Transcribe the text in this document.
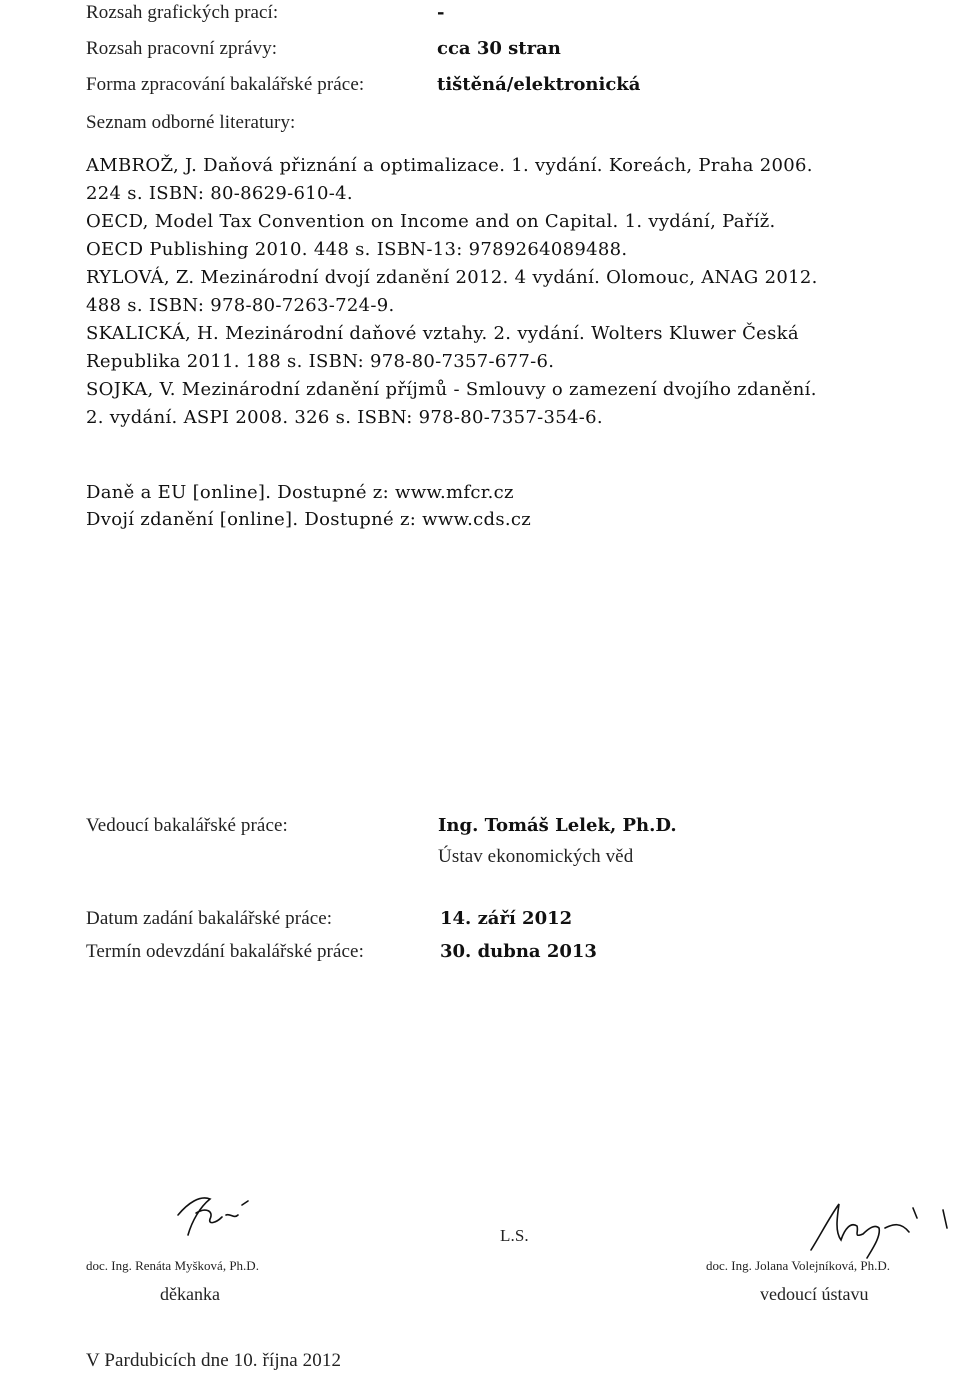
Rozsah grafických prací:	-
Rozsah pracovní zprávy:	cca 30 stran
Forma zpracování bakalářské práce:	tištěná/elektronická
Seznam odborné literatury:
AMBROŽ, J. Daňová přiznání a optimalizace. 1. vydání. Koreách, Praha 2006.
224 s. ISBN: 80-8629-610-4.
OECD, Model Tax Convention on Income and on Capital. 1. vydání, Paříž.
OECD Publishing 2010. 448 s. ISBN-13: 9789264089488.
RYLOVÁ, Z. Mezinárodní dvojí zdanění 2012. 4 vydání. Olomouc, ANAG 2012.
488 s. ISBN: 978-80-7263-724-9.
SKALICKÁ, H. Mezinárodní daňové vztahy. 2. vydání. Wolters Kluwer Česká
Republika 2011. 188 s. ISBN: 978-80-7357-677-6.
SOJKA, V. Mezinárodní zdanění příjmů - Smlouvy o zamezení dvojího zdanění.
2. vydání. ASPI 2008. 326 s. ISBN: 978-80-7357-354-6.
Daně a EU [online]. Dostupné z: www.mfcr.cz
Dvojí zdanění [online]. Dostupné z: www.cds.cz
Vedoucí bakalářské práce:	Ing. Tomáš Lelek, Ph.D.
Ústav ekonomických věd
Datum zadání bakalářské práce:	14. září 2012
Termín odevzdání bakalářské práce:	30. dubna 2013
doc. Ing. Renáta Myšková, Ph.D.
děkanka
L.S.
doc. Ing. Jolana Volejníková, Ph.D.
vedoucí ústavu
V Pardubicích dne 10. října 2012
